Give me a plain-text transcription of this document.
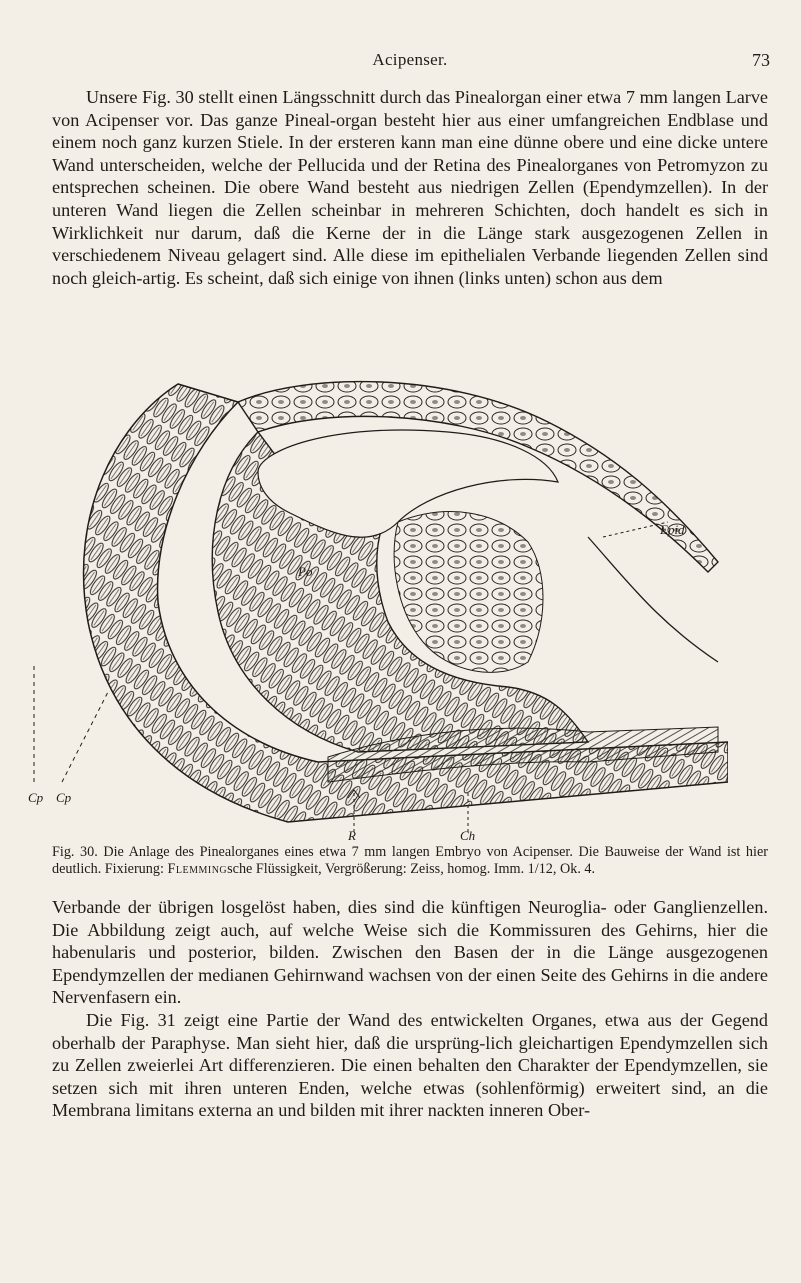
Acipenser.	73

Unsere Fig. 30 stellt einen Längsschnitt durch das Pinealorgan einer etwa 7 mm langen Larve von Acipenser vor. Das ganze Pineal-organ besteht hier aus einer umfangreichen Endblase und einem noch ganz kurzen Stiele. In der ersteren kann man eine dünne obere und eine dicke untere Wand unterscheiden, welche der Pellucida und der Retina des Pinealorganes von Petromyzon zu entsprechen scheinen. Die obere Wand besteht aus niedrigen Zellen (Ependymzellen). In der unteren Wand liegen die Zellen scheinbar in mehreren Schichten, doch handelt es sich in Wirklichkeit nur darum, daß die Kerne der in die Länge stark ausgezogenen Zellen in verschiedenem Niveau gelagert sind. Alle diese im epithelialen Verbande liegenden Zellen sind noch gleich-artig. Es scheint, daß sich einige von ihnen (links unten) schon aus dem

Epid
Po
Cp Cp
R	Ch
Fig. 30. Die Anlage des Pinealorganes eines etwa 7 mm langen Embryo von Acipenser. Die Bauweise der Wand ist hier deutlich. Fixierung: Flemmingsche Flüssigkeit, Vergrößerung: Zeiss, homog. Imm. 1/12, Ok. 4.

Verbande der übrigen losgelöst haben, dies sind die künftigen Neuroglia- oder Ganglienzellen. Die Abbildung zeigt auch, auf welche Weise sich die Kommissuren des Gehirns, hier die habenularis und posterior, bilden. Zwischen den Basen der in die Länge ausgezogenen Ependymzellen der medianen Gehirnwand wachsen von der einen Seite des Gehirns in die andere Nervenfasern ein.

Die Fig. 31 zeigt eine Partie der Wand des entwickelten Organes, etwa aus der Gegend oberhalb der Paraphyse. Man sieht hier, daß die ursprüng-lich gleichartigen Ependymzellen sich zu Zellen zweierlei Art differenzieren. Die einen behalten den Charakter der Ependymzellen, sie setzen sich mit ihren unteren Enden, welche etwas (sohlenförmig) erweitert sind, an die Membrana limitans externa an und bilden mit ihrer nackten inneren Ober-
